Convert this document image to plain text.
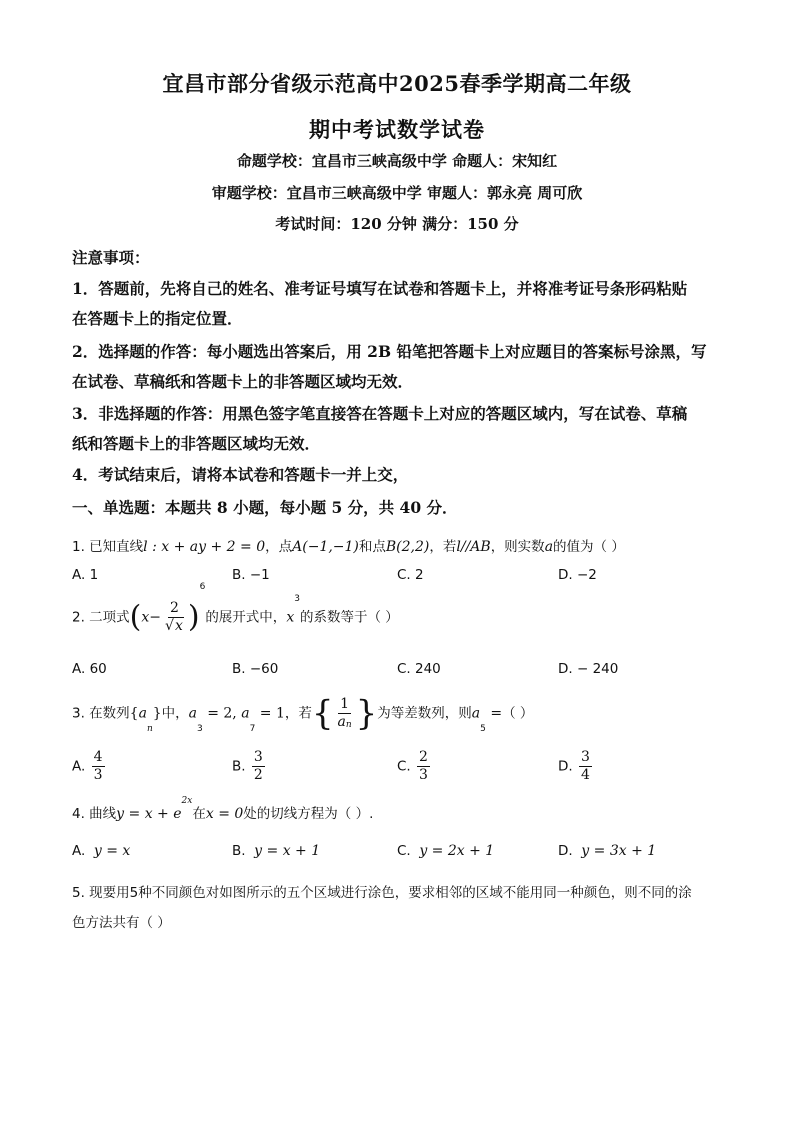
宜昌市部分省级示范高中2025春季学期高二年级
期中考试数学试卷
命题学校：宜昌市三峡高级中学 命题人：宋知红
审题学校：宜昌市三峡高级中学 审题人：郭永亮 周可欣
考试时间：120 分钟 满分：150 分
注意事项：
1．答题前，先将自己的姓名、准考证号填写在试卷和答题卡上，并将准考证号条形码粘贴
在答题卡上的指定位置．
2．选择题的作答：每小题选出答案后，用 2B 铅笔把答题卡上对应题目的答案标号涂黑，写
在试卷、草稿纸和答题卡上的非答题区域均无效．
3．非选择题的作答：用黑色签字笔直接答在答题卡上对应的答题区域内，写在试卷、草稿
纸和答题卡上的非答题区域均无效．
4．考试结束后，请将本试卷和答题卡一并上交，
一、单选题：本题共 8 小题，每小题 5 分，共 40 分．
1. 已知直线l : x + ay + 2 = 0，点A(−1,−1)和点B(2,2)，若l//AB，则实数a的值为（ ）
A. 1	B. −1	C. 2	D. −2
2. 二项式$(x- \frac{2}{√x} )^6$的展开式中，$x^3$的系数等于（ ）
A. 60	B. −60	C. 240	D. − 240
3. 在数列$\{a_n\}$中，$a_3 = 2$, $a_7 = 1$，若{ $\frac{1}{a_n}$ }为等差数列，则$a_5$ =（ ）
A. $\frac{4}{3}$	B. $\frac{3}{2}$	C. $\frac{2}{3}$	D. $\frac{3}{4}$
4. 曲线$y = x + e^{2x}$在x = 0处的切线方程为（ ）.
A. y = x	B. y = x + 1	C. y = 2x + 1	D. y = 3x + 1
5. 现要用5种不同颜色对如图所示的五个区域进行涂色，要求相邻的区域不能用同一种颜色，则不同的涂
色方法共有（ ）
